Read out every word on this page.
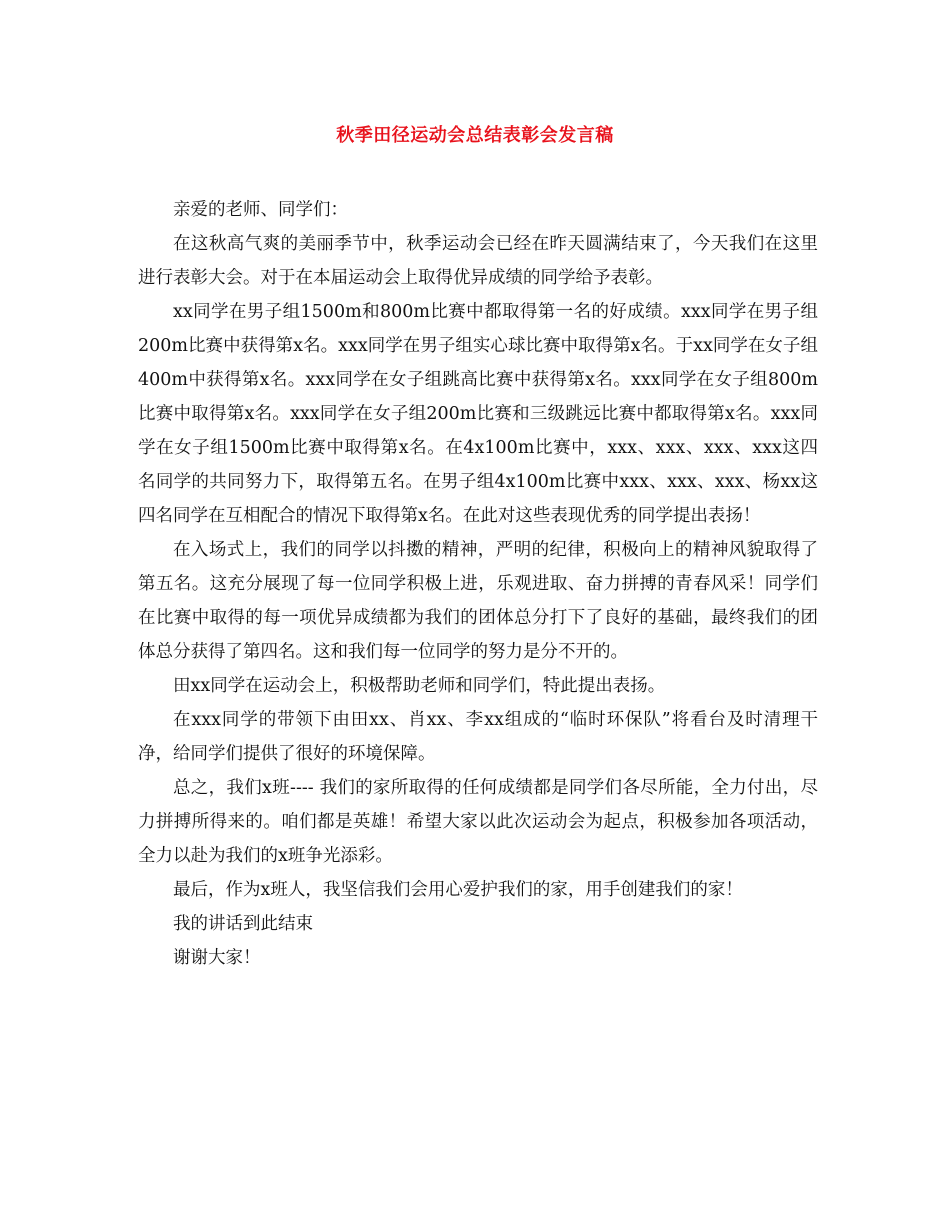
秋季田径运动会总结表彰会发言稿

亲爱的老师、同学们：

在这秋高气爽的美丽季节中，秋季运动会已经在昨天圆满结束了，今天我们在这里进行表彰大会。对于在本届运动会上取得优异成绩的同学给予表彰。

xx同学在男子组1500m和800m比赛中都取得第一名的好成绩。xxx同学在男子组200m比赛中获得第x名。xxx同学在男子组实心球比赛中取得第x名。于xx同学在女子组400m中获得第x名。xxx同学在女子组跳高比赛中获得第x名。xxx同学在女子组800m比赛中取得第x名。xxx同学在女子组200m比赛和三级跳远比赛中都取得第x名。xxx同学在女子组1500m比赛中取得第x名。在4x100m比赛中，xxx、xxx、xxx、xxx这四名同学的共同努力下，取得第五名。在男子组4x100m比赛中xxx、xxx、xxx、杨xx这四名同学在互相配合的情况下取得第x名。在此对这些表现优秀的同学提出表扬！

在入场式上，我们的同学以抖擞的精神，严明的纪律，积极向上的精神风貌取得了第五名。这充分展现了每一位同学积极上进，乐观进取、奋力拼搏的青春风采！同学们在比赛中取得的每一项优异成绩都为我们的团体总分打下了良好的基础，最终我们的团体总分获得了第四名。这和我们每一位同学的努力是分不开的。

田xx同学在运动会上，积极帮助老师和同学们，特此提出表扬。

在xxx同学的带领下由田xx、肖xx、李xx组成的“临时环保队”将看台及时清理干净，给同学们提供了很好的环境保障。

总之，我们x班---- 我们的家所取得的任何成绩都是同学们各尽所能，全力付出，尽力拼搏所得来的。咱们都是英雄！希望大家以此次运动会为起点，积极参加各项活动，全力以赴为我们的x班争光添彩。

最后，作为x班人，我坚信我们会用心爱护我们的家，用手创建我们的家！

我的讲话到此结束

谢谢大家！
